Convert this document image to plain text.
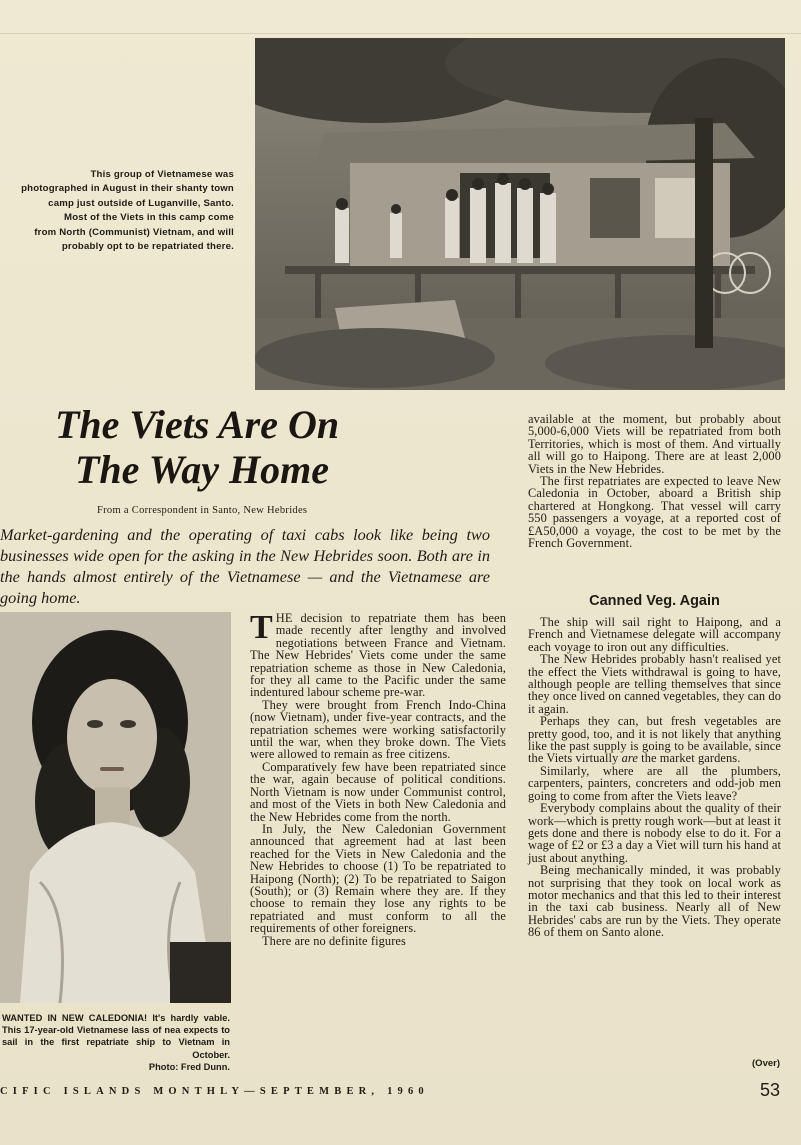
This group of Vietnamese was
photographed in August in their shanty town
camp just outside of Luganville, Santo.
Most of the Viets in this camp come
from North (Communist) Vietnam, and will
probably opt to be repatriated there.
The Viets Are On
The Way Home
From a Correspondent in Santo, New Hebrides
Market-gardening and the operating of taxi cabs look like being two businesses wide open for the asking in the New Hebrides soon. Both are in the hands almost entirely of the Vietnamese — and the Vietnamese are going home.
WANTED IN NEW CALEDONIA! It's hardly vable. This 17-year-old Vietnamese lass of nea expects to sail in the first repatriate ship to Vietnam in October.
Photo: Fred Dunn.

THE decision to repatriate them has been made recently after lengthy and involved negotiations between France and Vietnam. The New Hebrides' Viets come under the same repatriation scheme as those in New Caledonia, for they all came to the Pacific under the same indentured labour scheme pre-war.

They were brought from French Indo-China (now Vietnam), under five-year contracts, and the repatriation schemes were working satisfactorily until the war, when they broke down. The Viets were allowed to remain as free citizens.

Comparatively few have been repatriated since the war, again because of political conditions. North Vietnam is now under Communist control, and most of the Viets in both New Caledonia and the New Hebrides come from the north.

In July, the New Caledonian Government announced that agreement had at last been reached for the Viets in New Caledonia and the New Hebrides to choose (1) To be repatriated to Haipong (North); (2) To be repatriated to Saigon (South); or (3) Remain where they are. If they choose to remain they lose any rights to be repatriated and must conform to all the requirements of other foreigners.

There are no definite figures

available at the moment, but probably about 5,000-6,000 Viets will be repatriated from both Territories, which is most of them. And virtually all will go to Haipong. There are at least 2,000 Viets in the New Hebrides.

The first repatriates are expected to leave New Caledonia in October, aboard a British ship chartered at Hongkong. That vessel will carry 550 passengers a voyage, at a reported cost of £A50,000 a voyage, the cost to be met by the French Government.

Canned Veg. Again

The ship will sail right to Haipong, and a French and Vietnamese delegate will accompany each voyage to iron out any difficulties.

The New Hebrides probably hasn't realised yet the effect the Viets withdrawal is going to have, although people are telling themselves that since they once lived on canned vegetables, they can do it again.

Perhaps they can, but fresh vegetables are pretty good, too, and it is not likely that anything like the past supply is going to be available, since the Viets virtually are the market gardens.

Similarly, where are all the plumbers, carpenters, painters, concreters and odd-job men going to come from after the Viets leave?

Everybody complains about the quality of their work—which is pretty rough work—but at least it gets done and there is nobody else to do it. For a wage of £2 or £3 a day a Viet will turn his hand at just about anything.

Being mechanically minded, it was probably not surprising that they took on local work as motor mechanics and that this led to their interest in the taxi cab business. Nearly all of New Hebrides' cabs are run by the Viets. They operate 86 of them on Santo alone.

(Over)
CIFIC ISLANDS MONTHLY—SEPTEMBER, 1960	53
